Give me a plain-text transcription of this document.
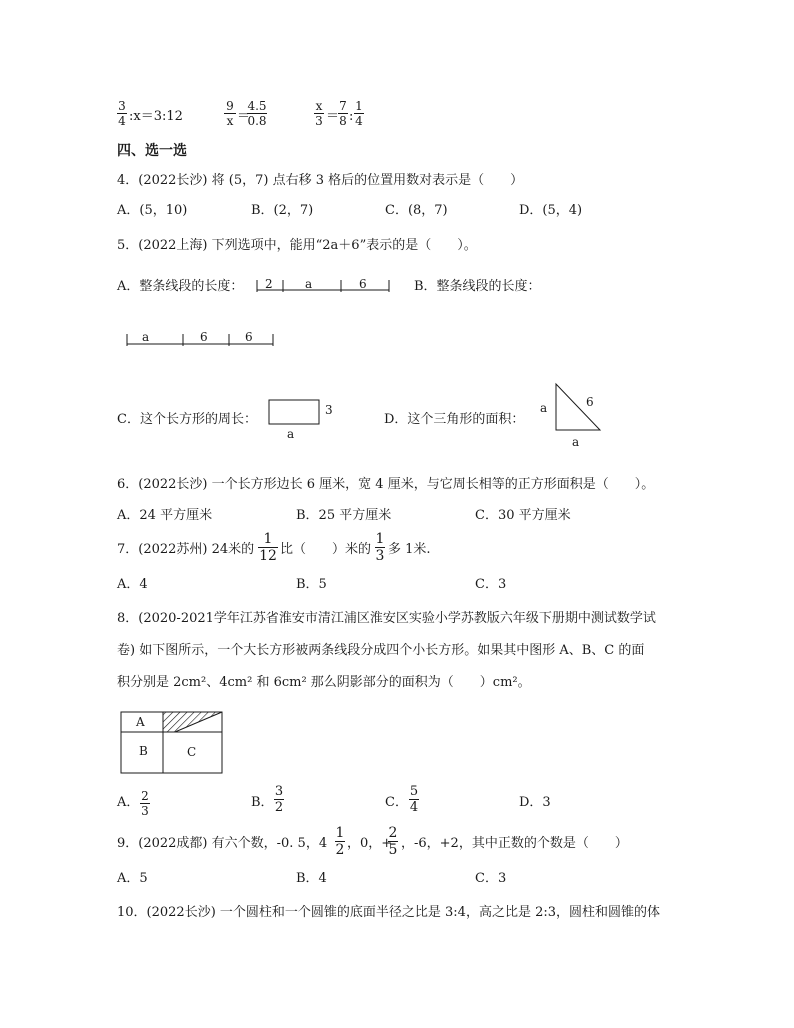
3
4 :x＝3:12
9
x ＝
4.5
0.8
x
3 ＝
7
8 :
1
4
四、选一选
4．(2022长沙) 将 (5，7) 点右移 3 格后的位置用数对表示是（　　）
A．(5，10)	B．(2，7)	C．(8，7)	D．(5，4)
5．(2022上海) 下列选项中，能用“2a＋6”表示的是（　　）。
A．整条线段的长度： 2	a	6	B．整条线段的长度：
a	6	6
C．这个长方形的周长：
3
a
D．这个三角形的面积：
a	6
a
6．(2022长沙) 一个长方形边长 6 厘米，宽 4 厘米，与它周长相等的正方形面积是（　　）。
A．24 平方厘米	B．25 平方厘米	C．30 平方厘米
7．(2022苏州) 24米的
1
12 比（　　）米的
1
3 多 1米.
A．4	B．5	C．3
8．(2020-2021学年江苏省淮安市清江浦区淮安区实验小学苏教版六年级下册期中测试数学试
卷) 如下图所示，一个大长方形被两条线段分成四个小长方形。如果其中图形 A、B、C 的面
积分别是 2cm²、4cm² 和 6cm² 那么阴影部分的面积为（　　）cm²。
A
B	C
A． 2
3
B．
3
2	C．
5
4	D．3
9．(2022成都) 有六个数，-0. 5，4
1
2 ，0，+
2
5 ，-6，+2，其中正数的个数是（　　）
A．5	B．4	C．3
10．(2022长沙) 一个圆柱和一个圆锥的底面半径之比是 3:4，高之比是 2:3，圆柱和圆锥的体
